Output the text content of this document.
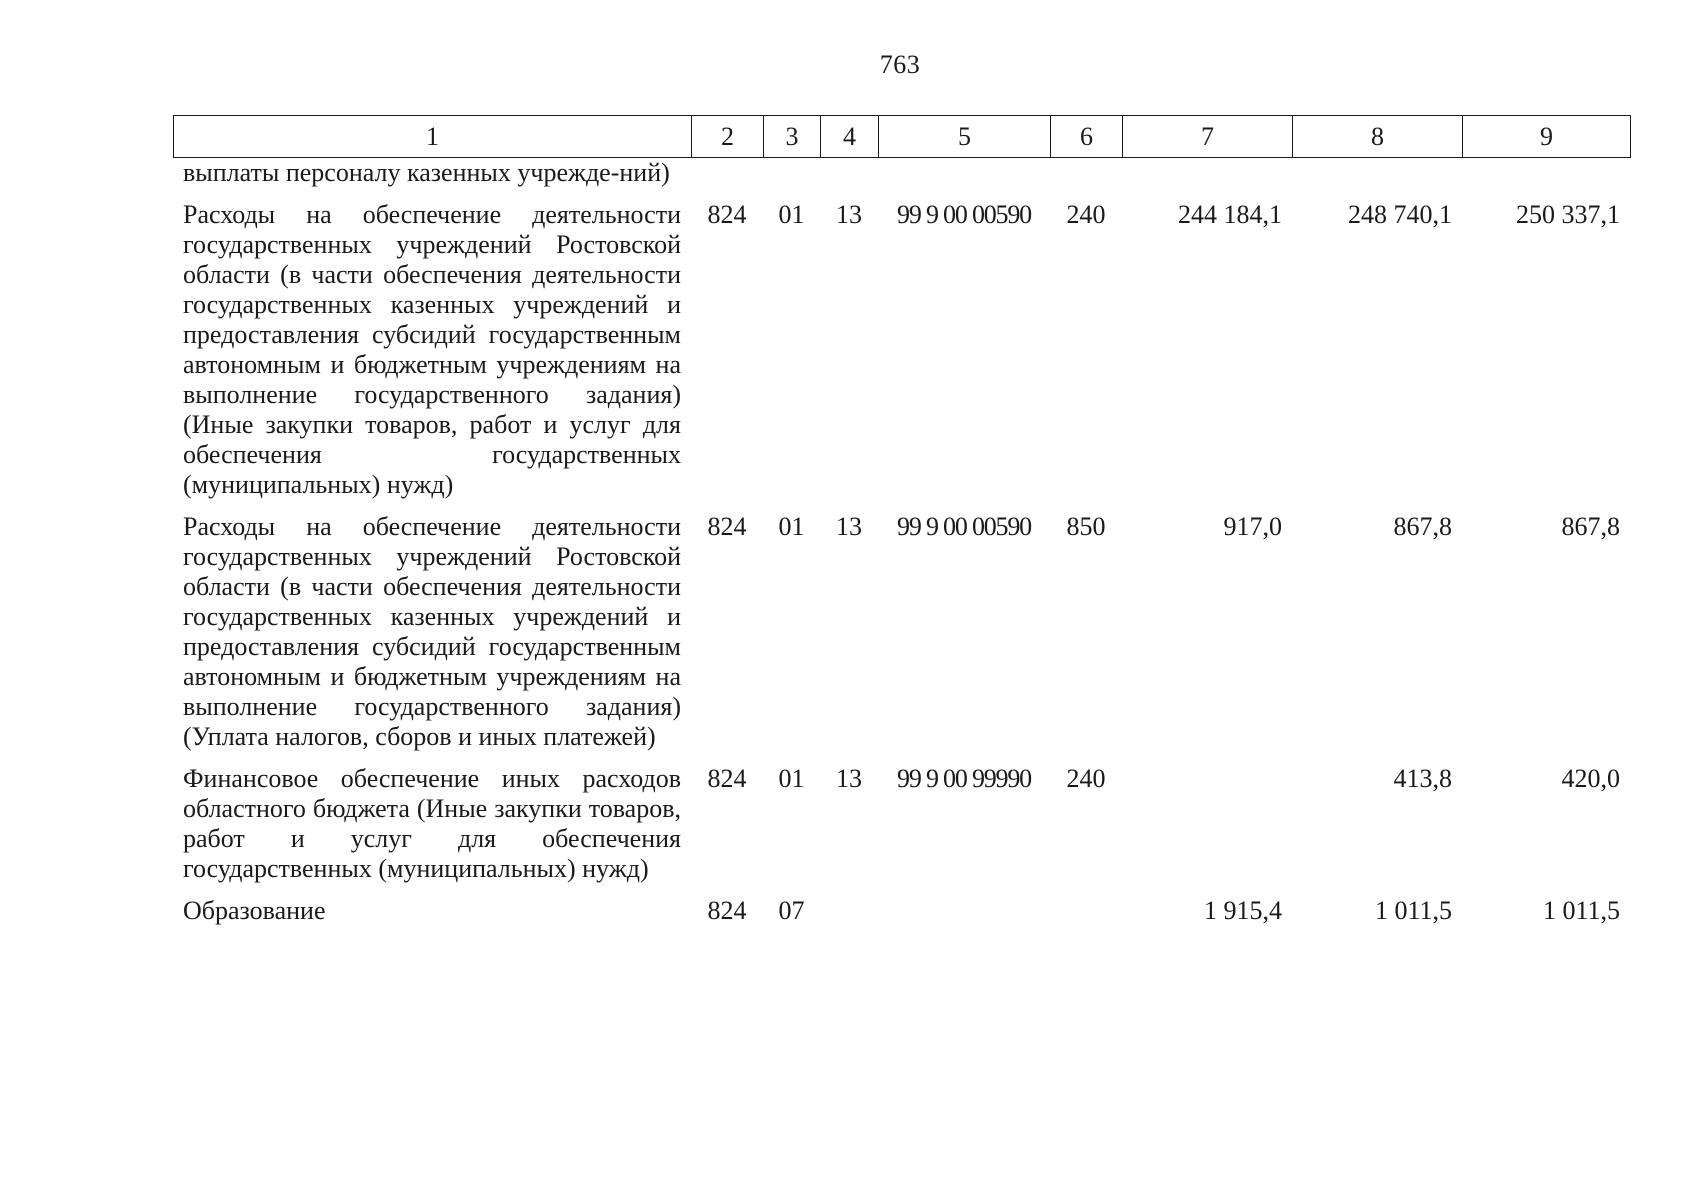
763
1	2	3	4	5	6	7	8	9
выплаты персоналу казенных учрежде-ний)								
Расходы на обеспечение деятельности государственных учреждений Ростовской области (в части обеспечения деятельности государственных казенных учреждений и предоставления субсидий государственным автономным и бюджетным учреждениям на выполнение государственного задания) (Иные закупки товаров, работ и услуг для обеспечения государственных (муниципальных) нужд)	824	01	13	99 9 00 00590	240	244 184,1	248 740,1	250 337,1
Расходы на обеспечение деятельности государственных учреждений Ростовской области (в части обеспечения деятельности государственных казенных учреждений и предоставления субсидий государственным автономным и бюджетным учреждениям на выполнение государственного задания) (Уплата налогов, сборов и иных платежей)	824	01	13	99 9 00 00590	850	917,0	867,8	867,8
Финансовое обеспечение иных расходов областного бюджета (Иные закупки товаров, работ и услуг для обеспечения государственных (муниципальных) нужд)	824	01	13	99 9 00 99990	240		413,8	420,0
Образование	824	07				1 915,4	1 011,5	1 011,5
